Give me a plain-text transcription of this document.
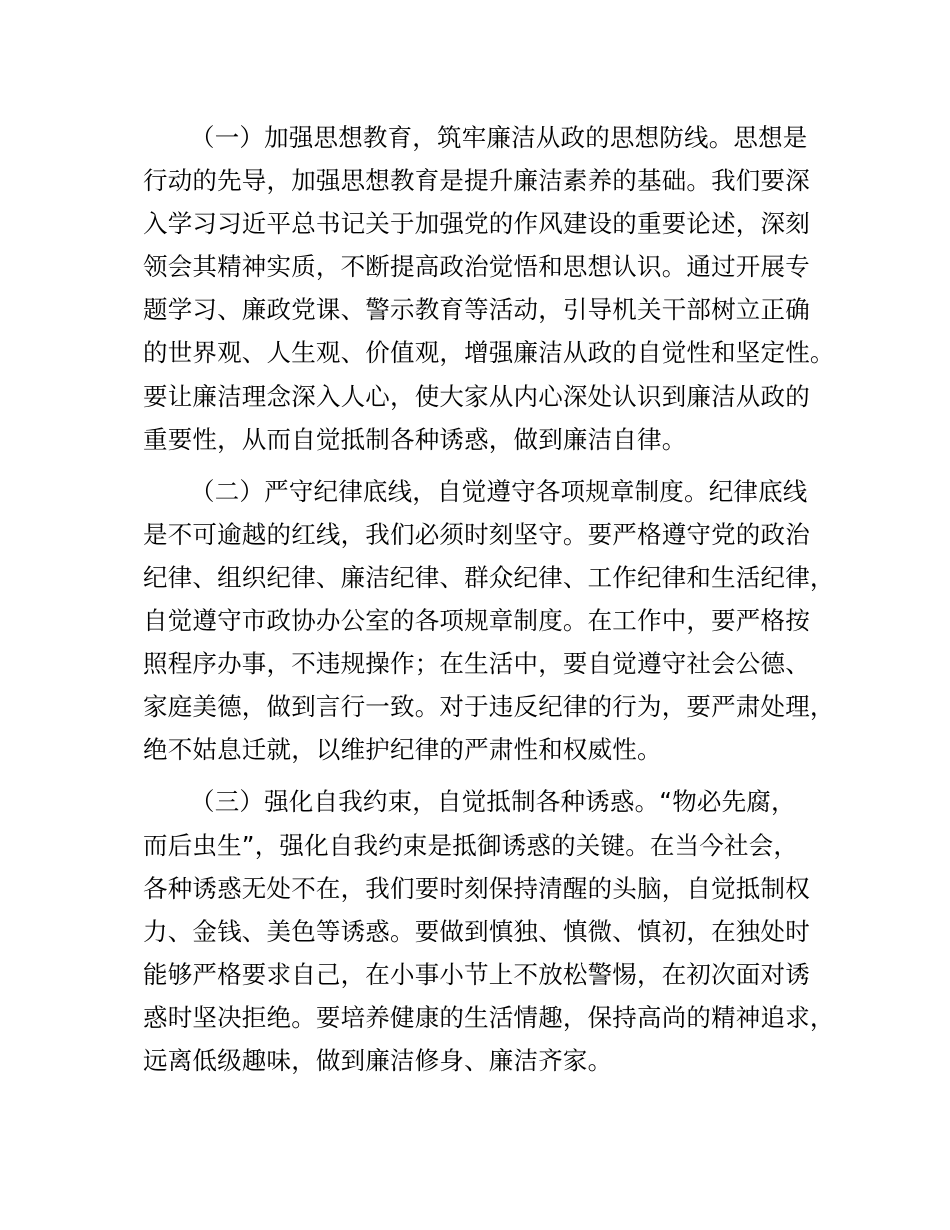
（一）加强思想教育，筑牢廉洁从政的思想防线。思想是
行动的先导，加强思想教育是提升廉洁素养的基础。我们要深
入学习习近平总书记关于加强党的作风建设的重要论述，深刻
领会其精神实质，不断提高政治觉悟和思想认识。通过开展专
题学习、廉政党课、警示教育等活动，引导机关干部树立正确
的世界观、人生观、价值观，增强廉洁从政的自觉性和坚定性。
要让廉洁理念深入人心，使大家从内心深处认识到廉洁从政的
重要性，从而自觉抵制各种诱惑，做到廉洁自律。
（二）严守纪律底线，自觉遵守各项规章制度。纪律底线
是不可逾越的红线，我们必须时刻坚守。要严格遵守党的政治
纪律、组织纪律、廉洁纪律、群众纪律、工作纪律和生活纪律，
自觉遵守市政协办公室的各项规章制度。在工作中，要严格按
照程序办事，不违规操作；在生活中，要自觉遵守社会公德、
家庭美德，做到言行一致。对于违反纪律的行为，要严肃处理，
绝不姑息迁就，以维护纪律的严肃性和权威性。
（三）强化自我约束，自觉抵制各种诱惑。“物必先腐，
而后虫生”，强化自我约束是抵御诱惑的关键。在当今社会，
各种诱惑无处不在，我们要时刻保持清醒的头脑，自觉抵制权
力、金钱、美色等诱惑。要做到慎独、慎微、慎初，在独处时
能够严格要求自己，在小事小节上不放松警惕，在初次面对诱
惑时坚决拒绝。要培养健康的生活情趣，保持高尚的精神追求，
远离低级趣味，做到廉洁修身、廉洁齐家。
